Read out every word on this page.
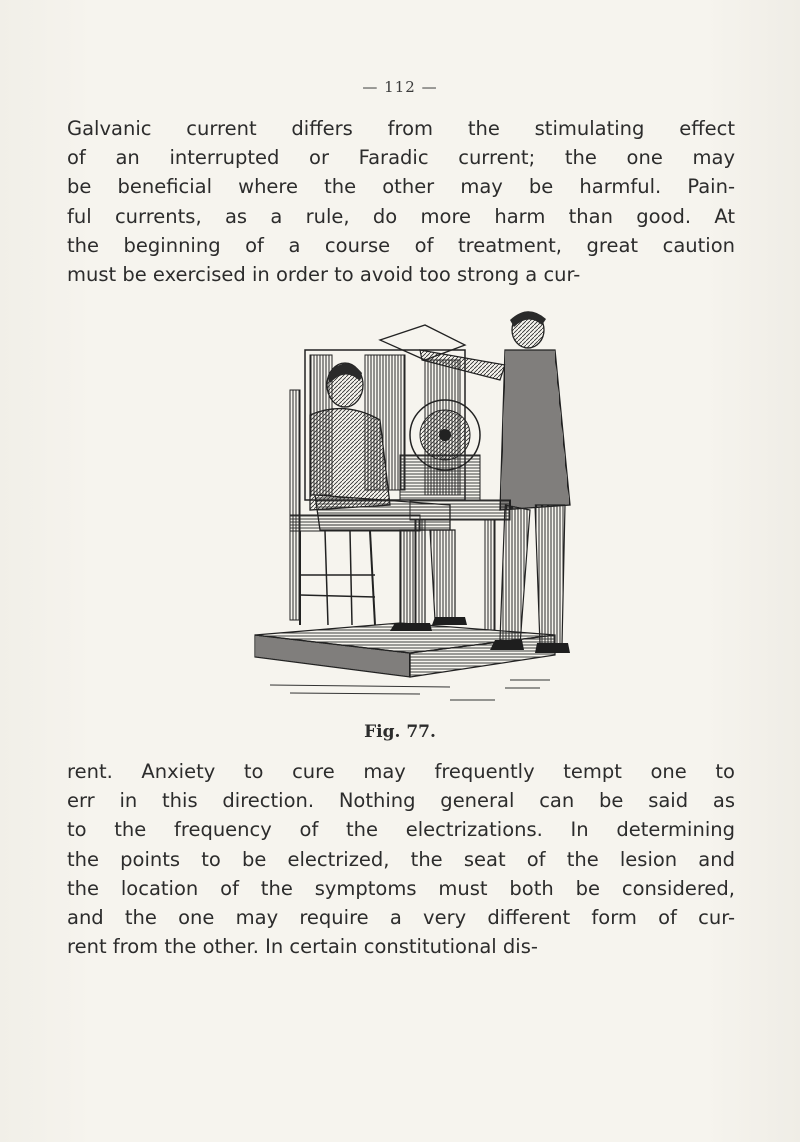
— 112 —
Galvanic current differs from the stimulating effect
of an interrupted or Faradic current; the one may
be beneficial where the other may be harmful. Pain-
ful currents, as a rule, do more harm than good. At
the beginning of a course of treatment, great caution
must be exercised in order to avoid too strong a cur-
Fig. 77.
rent. Anxiety to cure may frequently tempt one to
err in this direction. Nothing general can be said as
to the frequency of the electrizations. In determining
the points to be electrized, the seat of the lesion and
the location of the symptoms must both be considered,
and the one may require a very different form of cur-
rent from the other. In certain constitutional dis-
